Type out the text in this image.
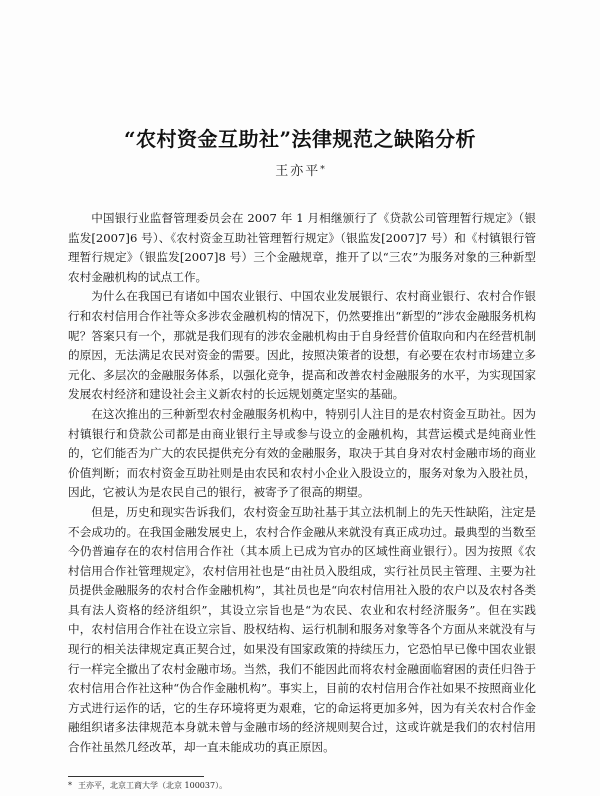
“农村资金互助社”法律规范之缺陷分析
王亦平*

中国银行业监督管理委员会在 2007 年 1 月相继颁行了《贷款公司管理暂行规定》（银监发[2007]6 号）、《农村资金互助社管理暂行规定》（银监发[2007]7 号）和《村镇银行管理暂行规定》（银监发[2007]8 号）三个金融规章，推开了以“三农”为服务对象的三种新型农村金融机构的试点工作。

为什么在我国已有诸如中国农业银行、中国农业发展银行、农村商业银行、农村合作银行和农村信用合作社等众多涉农金融机构的情况下，仍然要推出“新型的”涉农金融服务机构呢？答案只有一个，那就是我们现有的涉农金融机构由于自身经营价值取向和内在经营机制的原因，无法满足农民对资金的需要。因此，按照决策者的设想，有必要在农村市场建立多元化、多层次的金融服务体系，以强化竞争，提高和改善农村金融服务的水平，为实现国家发展农村经济和建设社会主义新农村的长远规划奠定坚实的基础。

在这次推出的三种新型农村金融服务机构中，特别引人注目的是农村资金互助社。因为村镇银行和贷款公司都是由商业银行主导或参与设立的金融机构，其营运模式是纯商业性的，它们能否为广大的农民提供充分有效的金融服务，取决于其自身对农村金融市场的商业价值判断；而农村资金互助社则是由农民和农村小企业入股设立的，服务对象为入股社员，因此，它被认为是农民自己的银行，被寄予了很高的期望。

但是，历史和现实告诉我们，农村资金互助社基于其立法机制上的先天性缺陷，注定是不会成功的。在我国金融发展史上，农村合作金融从来就没有真正成功过。最典型的当数至今仍普遍存在的农村信用合作社（其本质上已成为官办的区域性商业银行）。因为按照《农村信用合作社管理规定》，农村信用社也是“由社员入股组成，实行社员民主管理、主要为社员提供金融服务的农村合作金融机构”，其社员也是“向农村信用社入股的农户以及农村各类具有法人资格的经济组织”，其设立宗旨也是“为农民、农业和农村经济服务”。但在实践中，农村信用合作社在设立宗旨、股权结构、运行机制和服务对象等各个方面从来就没有与现行的相关法律规定真正契合过，如果没有国家政策的持续压力，它恐怕早已像中国农业银行一样完全撤出了农村金融市场。当然，我们不能因此而将农村金融面临窘困的责任归咎于农村信用合作社这种“伪合作金融机构”。事实上，目前的农村信用合作社如果不按照商业化方式进行运作的话，它的生存环境将更为艰难，它的命运将更加多舛，因为有关农村合作金融组织诸多法律规范本身就未曾与金融市场的经济规则契合过，这或许就是我们的农村信用合作社虽然几经改革，却一直未能成功的真正原因。

* 王亦平，北京工商大学（北京 100037）。
